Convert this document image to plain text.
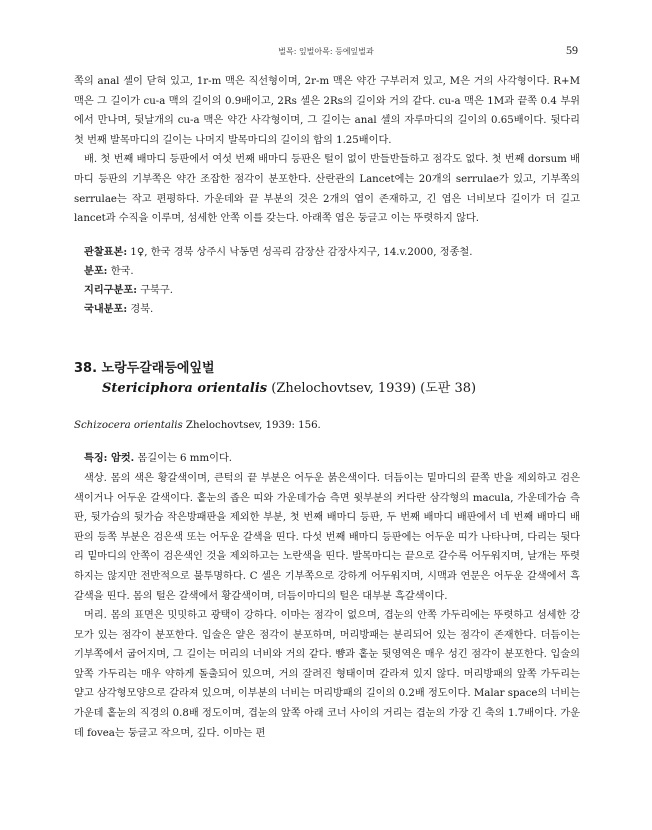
벌목: 잎벌아목: 등에잎벌과	59

쪽의 anal 셀이 닫혀 있고, 1r-m 맥은 직선형이며, 2r-m 맥은 약간 구부러져 있고, M은 거의 사각형이다. R+M 맥은 그 길이가 cu-a 맥의 길이의 0.9배이고, 2Rs 셀은 2Rs의 길이와 거의 같다. cu-a 맥은 1M과 끝쪽 0.4 부위에서 만나며, 뒷날개의 cu-a 맥은 약간 사각형이며, 그 길이는 anal 셀의 자루마디의 길이의 0.65배이다. 뒷다리 첫 번째 발목마디의 길이는 나머지 발목마디의 길이의 합의 1.25배이다.

배. 첫 번째 배마디 등판에서 여섯 번째 배마디 등판은 털이 없이 반들반들하고 점각도 없다. 첫 번째 dorsum 배마디 등판의 기부쪽은 약간 조잡한 점각이 분포한다. 산란관의 Lancet에는 20개의 serrulae가 있고, 기부쪽의 serrulae는 작고 편평하다. 가운데와 끝 부분의 것은 2개의 엽이 존재하고, 긴 엽은 너비보다 길이가 더 길고 lancet과 수직을 이루며, 섬세한 안쪽 이를 갖는다. 아래쪽 엽은 둥글고 이는 뚜렷하지 않다.

관찰표본: 1♀, 한국 경북 상주시 낙동면 성곡리 감장산 감장사지구, 14.v.2000, 정종철.

분포: 한국.

지리구분포: 구북구.

국내분포: 경북.

38. 노랑두갈래등에잎벌

Stericiphora orientalis (Zhelochovtsev, 1939) (도판 38)

Schizocera orientalis Zhelochovtsev, 1939: 156.

특징: 암컷. 몸길이는 6 mm이다.

색상. 몸의 색은 황갈색이며, 큰턱의 끝 부분은 어두운 붉은색이다. 더듬이는 밑마디의 끝쪽 반을 제외하고 검은색이거나 어두운 갈색이다. 홑눈의 좁은 띠와 가운데가슴 측면 윗부분의 커다란 삼각형의 macula, 가운데가슴 측판, 뒷가슴의 뒷가슴 작은방패판을 제외한 부분, 첫 번째 배마디 등판, 두 번째 배마디 배판에서 네 번째 배마디 배판의 등쪽 부분은 검은색 또는 어두운 갈색을 띤다. 다섯 번째 배마디 등판에는 어두운 띠가 나타나며, 다리는 뒷다리 밑마디의 안쪽이 검은색인 것을 제외하고는 노란색을 띤다. 발목마디는 끝으로 갈수록 어두워지며, 날개는 뚜렷하지는 않지만 전반적으로 불투명하다. C 셀은 기부쪽으로 강하게 어두워지며, 시맥과 연문은 어두운 갈색에서 흑갈색을 띤다. 몸의 털은 갈색에서 황갈색이며, 더듬이마디의 털은 대부분 흑갈색이다.

머리. 몸의 표면은 밋밋하고 광택이 강하다. 이마는 점각이 없으며, 겹눈의 안쪽 가두리에는 뚜렷하고 섬세한 강모가 있는 점각이 분포한다. 입술은 얕은 점각이 분포하며, 머리방패는 분리되어 있는 점각이 존재한다. 더듬이는 기부쪽에서 굽어지며, 그 길이는 머리의 너비와 거의 같다. 뺨과 홑눈 뒷영역은 매우 성긴 점각이 분포한다. 입술의 앞쪽 가두리는 매우 약하게 돌출되어 있으며, 거의 잘려진 형태이며 갈라져 있지 않다. 머리방패의 앞쪽 가두리는 얕고 삼각형모양으로 갈라져 있으며, 이부분의 너비는 머리방패의 길이의 0.2배 정도이다. Malar space의 너비는 가운데 홑눈의 직경의 0.8배 정도이며, 겹눈의 앞쪽 아래 코너 사이의 거리는 겹눈의 가장 긴 축의 1.7배이다. 가운데 fovea는 둥글고 작으며, 깊다. 이마는 편
